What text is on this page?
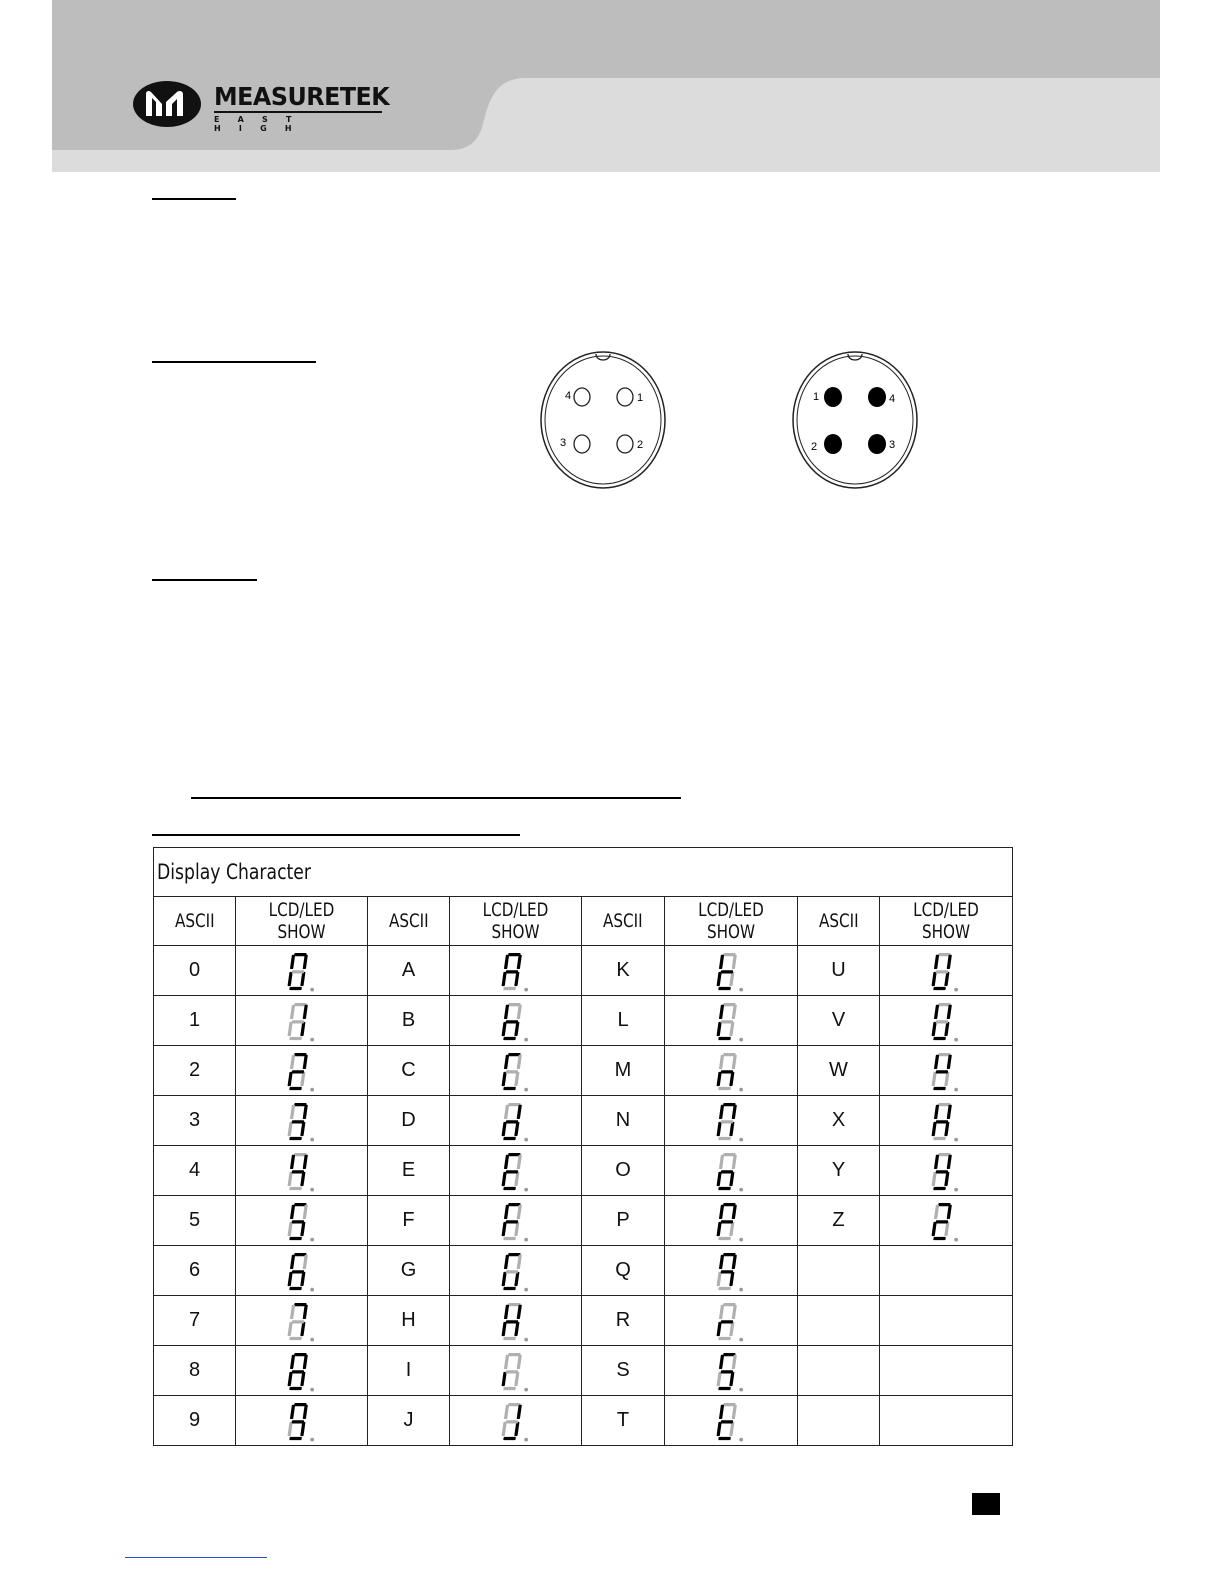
MEASURETEK
EAST HIGH
4	1
3	2
1	4
2	3
Display Character							
ASCII	LCD/LED SHOW	ASCII	LCD/LED SHOW	ASCII	LCD/LED SHOW	ASCII	LCD/LED SHOW
0		A		K		U	

1		B		L		V	

2		C		M		W	

3		D		N		X	

4		E		O		Y	

5		F		P		Z	

6		G		Q	

7		H		R	

8		I		S	

9		J		T	
